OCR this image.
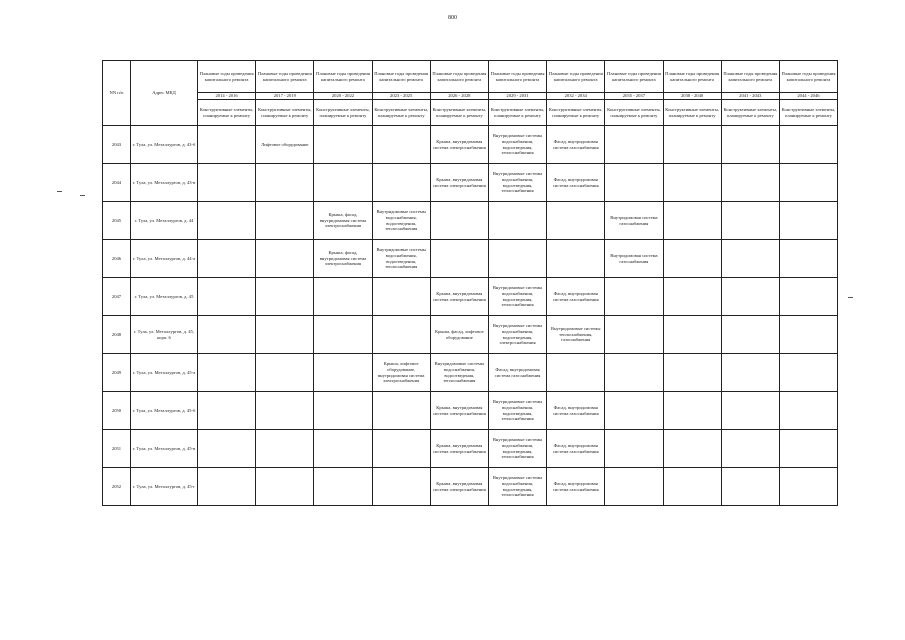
800
NN п/п	Адрес МКД	Плановые годы проведения капитального ремонта	Плановые годы проведения капитального ремонта	Плановые годы проведения капитального ремонта	Плановые годы проведения капитального ремонта	Плановые годы проведения капитального ремонта	Плановые годы проведения капитального ремонта	Плановые годы проведения капитального ремонта	Плановые годы проведения капитального ремонта	Плановые годы проведения капитального ремонта	Плановые годы проведения капитального ремонта	Плановые годы проведения капитального ремонта
		2014 - 2016	2017 - 2019	2020 - 2022	2023 - 2025	2026 - 2028	2029 - 2031	2032 - 2034	2035 - 2037	2038 - 2040	2041 - 2043	2044 - 2046
		Конструктивные элементы, планируемые к ремонту	Конструктивные элементы, планируемые к ремонту	Конструктивные элементы, планируемые к ремонту	Конструктивные элементы, планируемые к ремонту	Конструктивные элементы, планируемые к ремонту	Конструктивные элементы, планируемые к ремонту	Конструктивные элементы, планируемые к ремонту	Конструктивные элементы, планируемые к ремонту	Конструктивные элементы, планируемые к ремонту	Конструктивные элементы, планируемые к ремонту	Конструктивные элементы, планируемые к ремонту
2043	г. Тула, ул. Металлургов, д. 43-б		Лифтовое оборудование			Крыша, внутридомовая система электроснабжения	Внутридомовые системы водоснабжения, водоотведения, теплоснабжения	Фасад, внутридомовая система газоснабжения				
2044	г. Тула, ул. Металлургов, д. 43-в					Крыша, внутридомовая система электроснабжения	Внутридомовые системы водоснабжения, водоотведения, теплоснабжения	Фасад, внутридомовая система газоснабжения				
2045	г. Тула, ул. Металлургов, д. 44			Крыша, фасад, внутридомовая система электроснабжения	Внутридомовые системы водоснабжения, водоотведения, теплоснабжения				Внутридомовая система газоснабжения			
2046	г. Тула, ул. Металлургов, д. 44-а			Крыша, фасад, внутридомовая система электроснабжения	Внутридомовые системы водоснабжения, водоотведения, теплоснабжения				Внутридомовая система газоснабжения			
2047	г. Тула, ул. Металлургов, д. 45					Крыша, внутридомовая система электроснабжения	Внутридомовые системы водоснабжения, водоотведения, теплоснабжения	Фасад, внутридомовая система газоснабжения				
2048	г. Тула, ул. Металлургов, д. 45, корп. 6					Крыша, фасад, лифтовое оборудование	Внутридомовые системы водоснабжения, водоотведения, электроснабжения	Внутридомовые системы теплоснабжения, газоснабжения				
2049	г. Тула, ул. Металлургов, д. 45-а				Крыша, лифтовое оборудование, внутридомовая система электроснабжения	Внутридомовые системы водоснабжения, водоотведения, теплоснабжения	Фасад, внутридомовая система газоснабжения					
2050	г. Тула, ул. Металлургов, д. 45-б					Крыша, внутридомовая система электроснабжения	Внутридомовые системы водоснабжения, водоотведения, теплоснабжения	Фасад, внутридомовая система газоснабжения				
2051	г. Тула, ул. Металлургов, д. 45-в					Крыша, внутридомовая система электроснабжения	Внутридомовые системы водоснабжения, водоотведения, теплоснабжения	Фасад, внутридомовая система газоснабжения				
2052	г. Тула, ул. Металлургов, д. 45-г					Крыша, внутридомовая система электроснабжения	Внутридомовые системы водоснабжения, водоотведения, теплоснабжения	Фасад, внутридомовая система газоснабжения				
